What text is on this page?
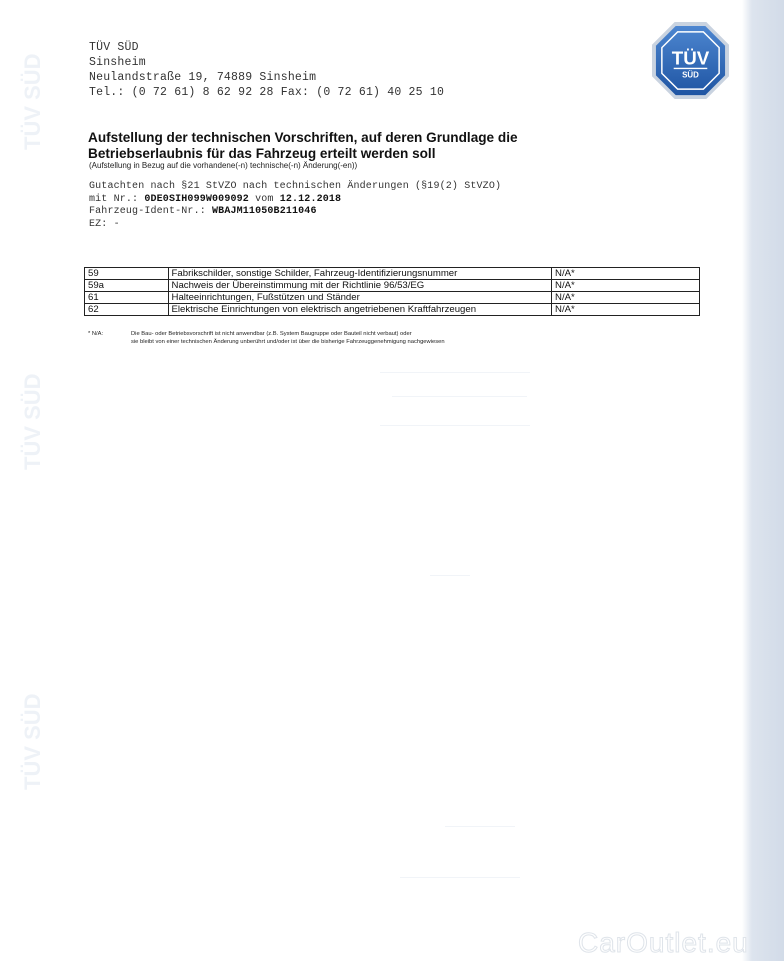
TÜV SÜD
TÜV SÜD
TÜV SÜD
TÜV SÜD
Sinsheim
Neulandstraße 19, 74889 Sinsheim
Tel.: (0 72 61) 8 62 92 28 Fax: (0 72 61) 40 25 10
TÜV
SÜD
Aufstellung der technischen Vorschriften, auf deren Grundlage die
Betriebserlaubnis für das Fahrzeug erteilt werden soll
(Aufstellung in Bezug auf die vorhandene(-n) technische(-n) Änderung(-en))
Gutachten nach §21 StVZO nach technischen Änderungen (§19(2) StVZO)
mit Nr.: 0DE0SIH099W009092 vom 12.12.2018
Fahrzeug-Ident-Nr.: WBAJM11050B211046
EZ: -
59	Fabrikschilder, sonstige Schilder, Fahrzeug-Identifizierungsnummer	N/A*
59a	Nachweis der Übereinstimmung mit der Richtlinie 96/53/EG	N/A*
61	Halteeinrichtungen, Fußstützen und Ständer	N/A*
62	Elektrische Einrichtungen von elektrisch angetriebenen Kraftfahrzeugen	N/A*
* N/A:	Die Bau- oder Betriebsvorschrift ist nicht anwendbar (z.B. System Baugruppe oder Bauteil nicht verbaut) oder
sie bleibt von einer technischen Änderung unberührt und/oder ist über die bisherige Fahrzeuggenehmigung nachgewiesen
CarOutlet.eu
